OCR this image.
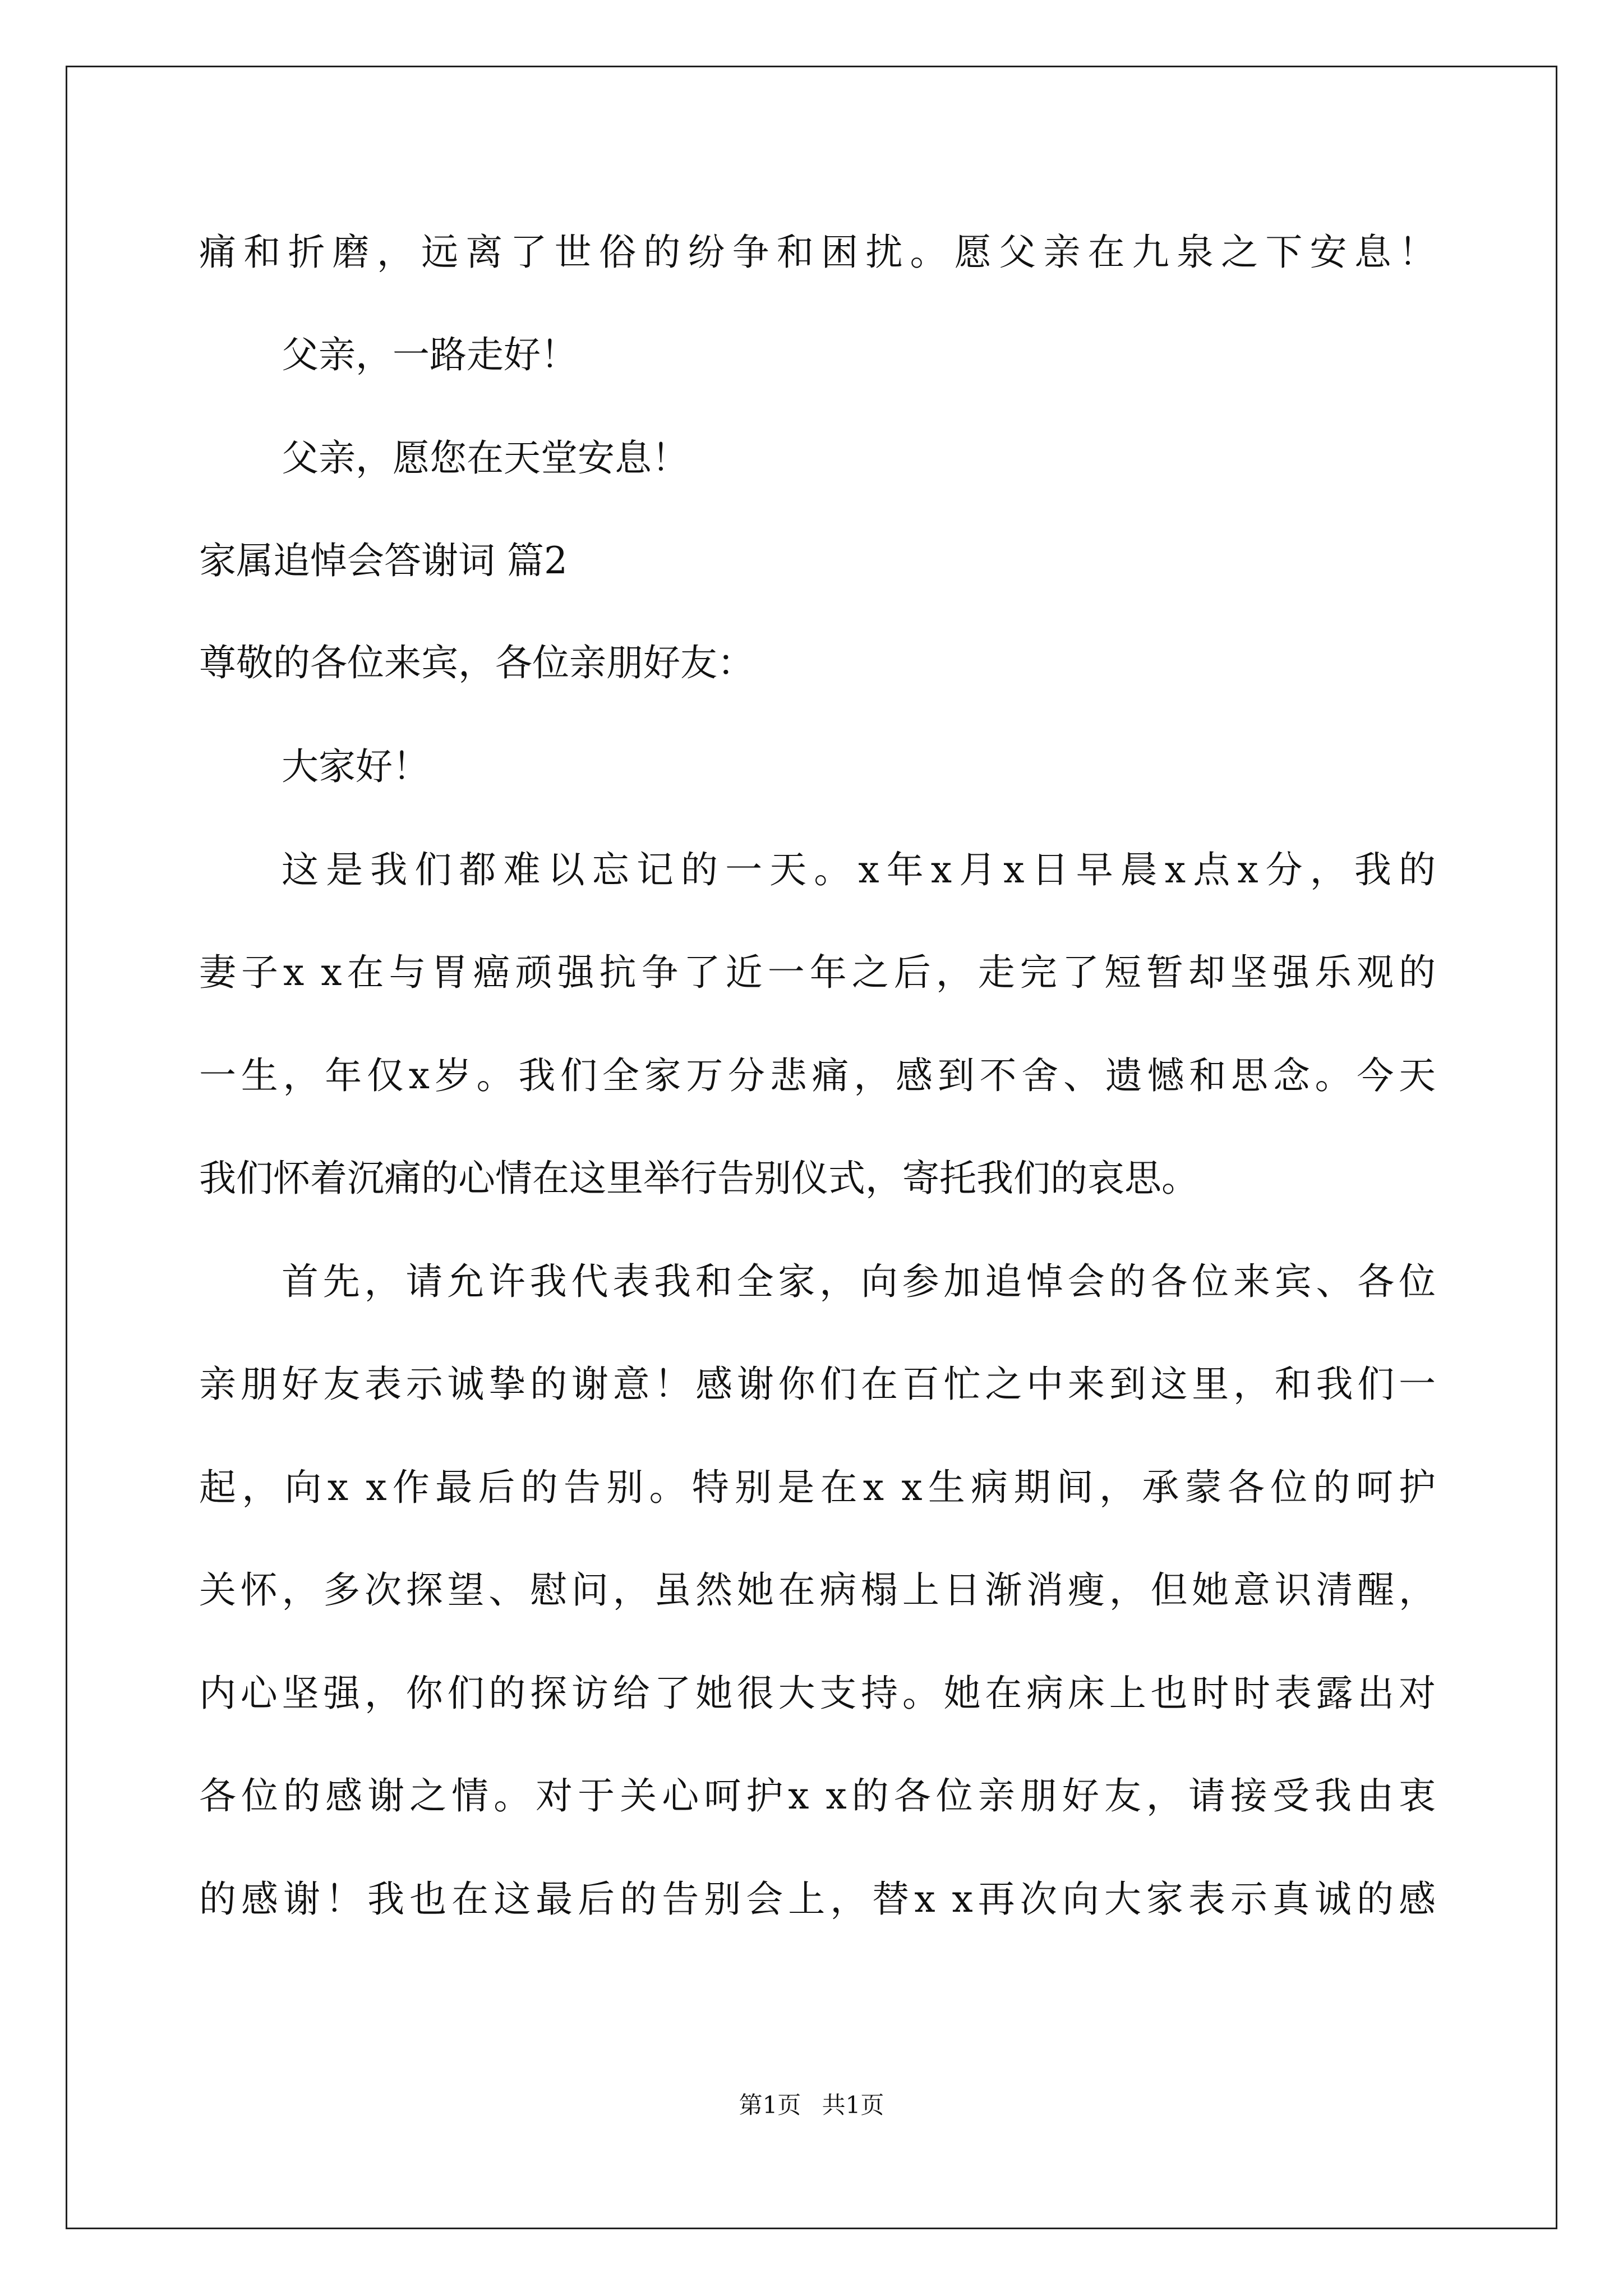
痛和折磨，远离了世俗的纷争和困扰。愿父亲在九泉之下安息！
父亲，一路走好！
父亲，愿您在天堂安息！
家属追悼会答谢词 篇2
尊敬的各位来宾，各位亲朋好友：
大家好！
这是我们都难以忘记的一天。x年x月x日早晨x点x分，我的
妻子x x在与胃癌顽强抗争了近一年之后，走完了短暂却坚强乐观的
一生，年仅x岁。我们全家万分悲痛，感到不舍、遗憾和思念。今天
我们怀着沉痛的心情在这里举行告别仪式，寄托我们的哀思。
首先，请允许我代表我和全家，向参加追悼会的各位来宾、各位
亲朋好友表示诚挚的谢意！感谢你们在百忙之中来到这里，和我们一
起，向x x作最后的告别。特别是在x x生病期间，承蒙各位的呵护
关怀，多次探望、慰问，虽然她在病榻上日渐消瘦，但她意识清醒，
内心坚强，你们的探访给了她很大支持。她在病床上也时时表露出对
各位的感谢之情。对于关心呵护x x的各位亲朋好友，请接受我由衷
的感谢！我也在这最后的告别会上，替x x再次向大家表示真诚的感
第1页 共1页
